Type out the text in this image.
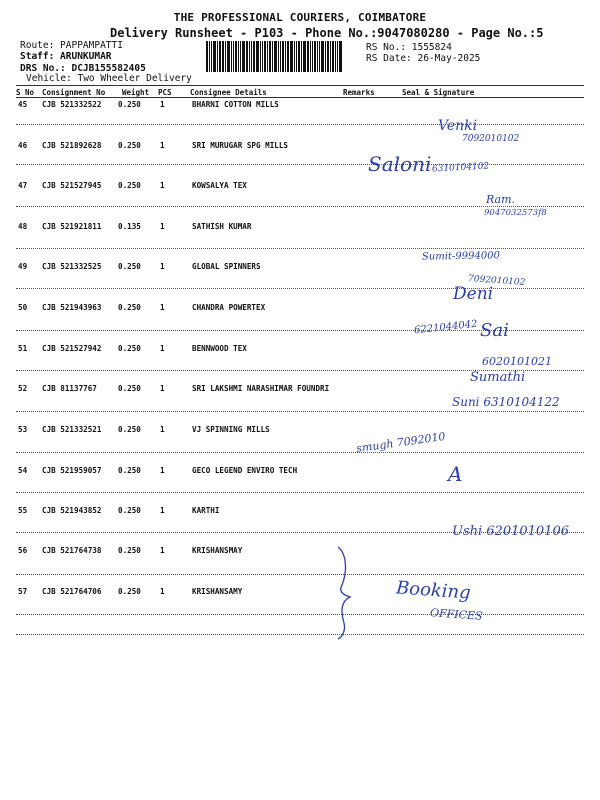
THE PROFESSIONAL COURIERS, COIMBATORE
Delivery Runsheet - P103 - Phone No.:9047080280 - Page No.:5
Route: PAPPAMPATTI
Staff: ARUNKUMAR
DRS No.: DCJB155582405
Vehicle: Two Wheeler Delivery
RS No.: 1555824
RS Date: 26-May-2025
S No Consignment No Weight PCS Consignee Details	Remarks	Seal & Signature
45 CJB 521332522 0.250	1	BHARNI COTTON MILLS
46 CJB 521892628 0.250	1	SRI MURUGAR SPG MILLS
47 CJB 521527945 0.250	1	KOWSALYA TEX
48 CJB 521921811 0.135	1	SATHISH KUMAR
49 CJB 521332525 0.250	1	GLOBAL SPINNERS
50 CJB 521943963 0.250	1	CHANDRA POWERTEX
51 CJB 521527942 0.250	1	BENNWOOD TEX
52 CJB 81137767	0.250	1	SRI LAKSHMI NARASHIMAR FOUNDRI
53 CJB 521332521 0.250	1	VJ SPINNING MILLS
54 CJB 521959057 0.250	1	GECO LEGEND ENVIRO TECH
55 CJB 521943852 0.250	1	KARTHI
56 CJB 521764738 0.250	1	KRISHANSMAY
57 CJB 521764706 0.250	1	KRISHANSAMY
Venki
7092010102
Saloni 6310104102
Ram.
9047032573f8
Sumit-9994000
7092010102
Deni
6221044042 Sai
6020101021
Sumathi
Suni 6310104122
smugh 7092010
A
Ushi 6201010106
Booking
OFFICES
